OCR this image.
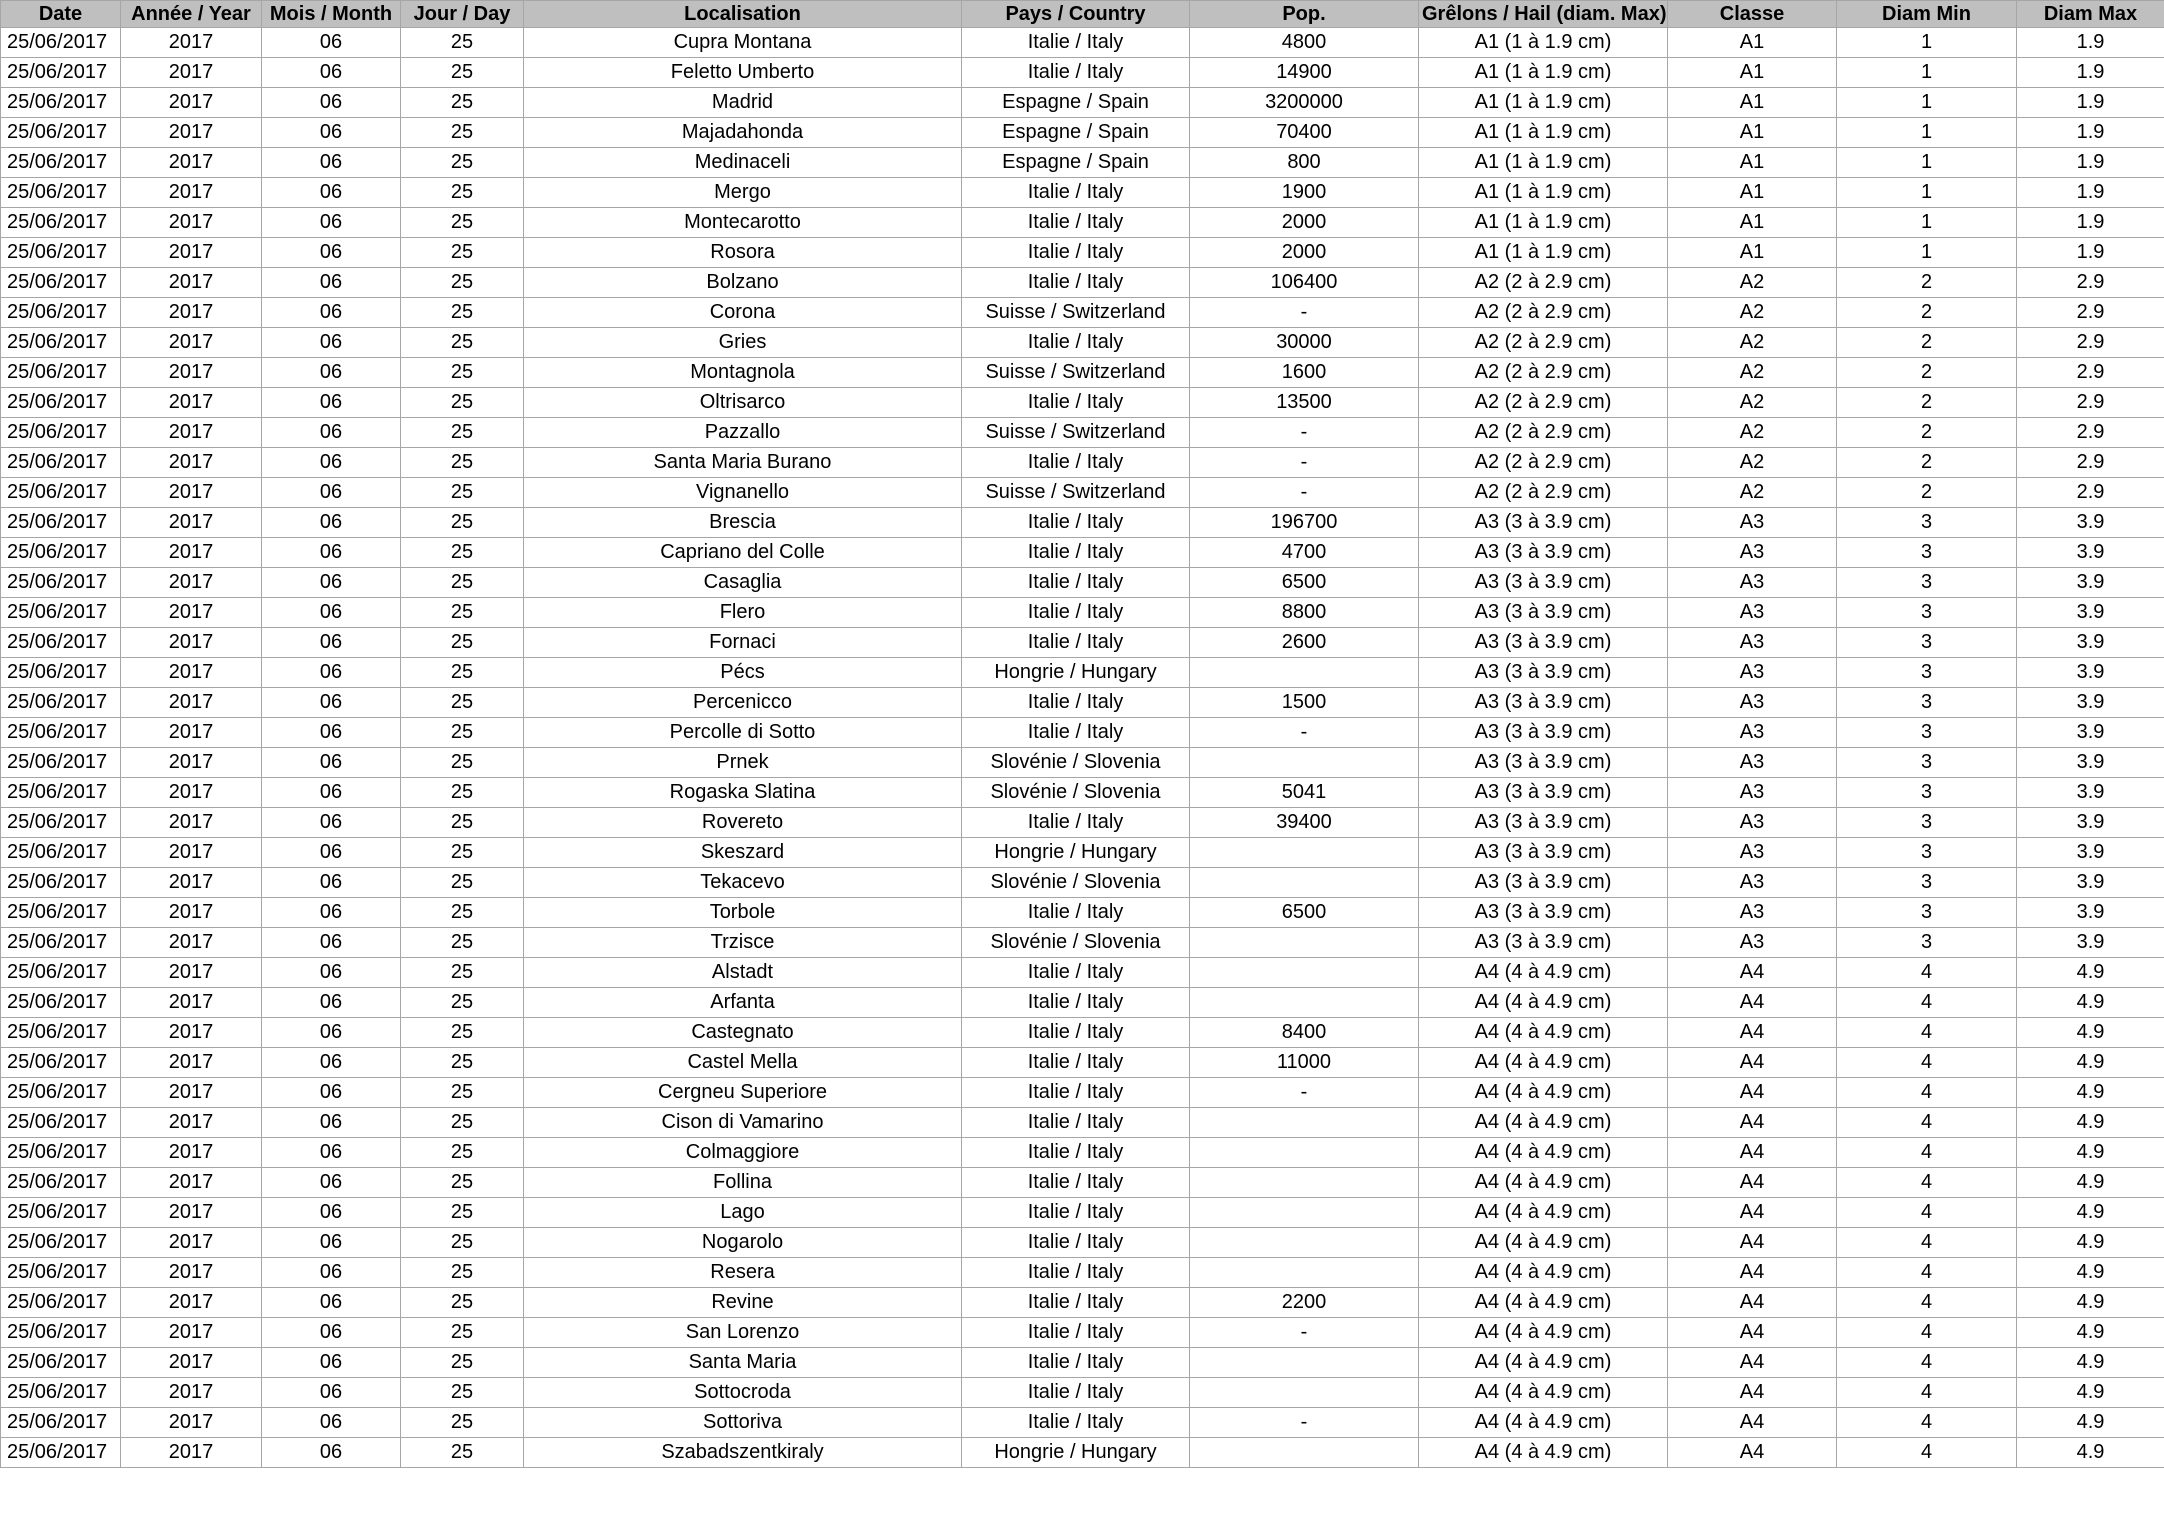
Date	Année / Year	Mois / Month	Jour / Day	Localisation	Pays / Country	Pop.	Grêlons / Hail (diam. Max)	Classe	Diam Min	Diam Max
25/06/2017	2017	06	25	Cupra Montana	Italie / Italy	4800	A1 (1 à 1.9 cm)	A1	1	1.9
25/06/2017	2017	06	25	Feletto Umberto	Italie / Italy	14900	A1 (1 à 1.9 cm)	A1	1	1.9
25/06/2017	2017	06	25	Madrid	Espagne / Spain	3200000	A1 (1 à 1.9 cm)	A1	1	1.9
25/06/2017	2017	06	25	Majadahonda	Espagne / Spain	70400	A1 (1 à 1.9 cm)	A1	1	1.9
25/06/2017	2017	06	25	Medinaceli	Espagne / Spain	800	A1 (1 à 1.9 cm)	A1	1	1.9
25/06/2017	2017	06	25	Mergo	Italie / Italy	1900	A1 (1 à 1.9 cm)	A1	1	1.9
25/06/2017	2017	06	25	Montecarotto	Italie / Italy	2000	A1 (1 à 1.9 cm)	A1	1	1.9
25/06/2017	2017	06	25	Rosora	Italie / Italy	2000	A1 (1 à 1.9 cm)	A1	1	1.9
25/06/2017	2017	06	25	Bolzano	Italie / Italy	106400	A2 (2 à 2.9 cm)	A2	2	2.9
25/06/2017	2017	06	25	Corona	Suisse / Switzerland	-	A2 (2 à 2.9 cm)	A2	2	2.9
25/06/2017	2017	06	25	Gries	Italie / Italy	30000	A2 (2 à 2.9 cm)	A2	2	2.9
25/06/2017	2017	06	25	Montagnola	Suisse / Switzerland	1600	A2 (2 à 2.9 cm)	A2	2	2.9
25/06/2017	2017	06	25	Oltrisarco	Italie / Italy	13500	A2 (2 à 2.9 cm)	A2	2	2.9
25/06/2017	2017	06	25	Pazzallo	Suisse / Switzerland	-	A2 (2 à 2.9 cm)	A2	2	2.9
25/06/2017	2017	06	25	Santa Maria Burano	Italie / Italy	-	A2 (2 à 2.9 cm)	A2	2	2.9
25/06/2017	2017	06	25	Vignanello	Suisse / Switzerland	-	A2 (2 à 2.9 cm)	A2	2	2.9
25/06/2017	2017	06	25	Brescia	Italie / Italy	196700	A3 (3 à 3.9 cm)	A3	3	3.9
25/06/2017	2017	06	25	Capriano del Colle	Italie / Italy	4700	A3 (3 à 3.9 cm)	A3	3	3.9
25/06/2017	2017	06	25	Casaglia	Italie / Italy	6500	A3 (3 à 3.9 cm)	A3	3	3.9
25/06/2017	2017	06	25	Flero	Italie / Italy	8800	A3 (3 à 3.9 cm)	A3	3	3.9
25/06/2017	2017	06	25	Fornaci	Italie / Italy	2600	A3 (3 à 3.9 cm)	A3	3	3.9
25/06/2017	2017	06	25	Pécs	Hongrie / Hungary		A3 (3 à 3.9 cm)	A3	3	3.9
25/06/2017	2017	06	25	Percenicco	Italie / Italy	1500	A3 (3 à 3.9 cm)	A3	3	3.9
25/06/2017	2017	06	25	Percolle di Sotto	Italie / Italy	-	A3 (3 à 3.9 cm)	A3	3	3.9
25/06/2017	2017	06	25	Prnek	Slovénie / Slovenia		A3 (3 à 3.9 cm)	A3	3	3.9
25/06/2017	2017	06	25	Rogaska Slatina	Slovénie / Slovenia	5041	A3 (3 à 3.9 cm)	A3	3	3.9
25/06/2017	2017	06	25	Rovereto	Italie / Italy	39400	A3 (3 à 3.9 cm)	A3	3	3.9
25/06/2017	2017	06	25	Skeszard	Hongrie / Hungary		A3 (3 à 3.9 cm)	A3	3	3.9
25/06/2017	2017	06	25	Tekacevo	Slovénie / Slovenia		A3 (3 à 3.9 cm)	A3	3	3.9
25/06/2017	2017	06	25	Torbole	Italie / Italy	6500	A3 (3 à 3.9 cm)	A3	3	3.9
25/06/2017	2017	06	25	Trzisce	Slovénie / Slovenia		A3 (3 à 3.9 cm)	A3	3	3.9
25/06/2017	2017	06	25	Alstadt	Italie / Italy		A4 (4 à 4.9 cm)	A4	4	4.9
25/06/2017	2017	06	25	Arfanta	Italie / Italy		A4 (4 à 4.9 cm)	A4	4	4.9
25/06/2017	2017	06	25	Castegnato	Italie / Italy	8400	A4 (4 à 4.9 cm)	A4	4	4.9
25/06/2017	2017	06	25	Castel Mella	Italie / Italy	11000	A4 (4 à 4.9 cm)	A4	4	4.9
25/06/2017	2017	06	25	Cergneu Superiore	Italie / Italy	-	A4 (4 à 4.9 cm)	A4	4	4.9
25/06/2017	2017	06	25	Cison di Vamarino	Italie / Italy		A4 (4 à 4.9 cm)	A4	4	4.9
25/06/2017	2017	06	25	Colmaggiore	Italie / Italy		A4 (4 à 4.9 cm)	A4	4	4.9
25/06/2017	2017	06	25	Follina	Italie / Italy		A4 (4 à 4.9 cm)	A4	4	4.9
25/06/2017	2017	06	25	Lago	Italie / Italy		A4 (4 à 4.9 cm)	A4	4	4.9
25/06/2017	2017	06	25	Nogarolo	Italie / Italy		A4 (4 à 4.9 cm)	A4	4	4.9
25/06/2017	2017	06	25	Resera	Italie / Italy		A4 (4 à 4.9 cm)	A4	4	4.9
25/06/2017	2017	06	25	Revine	Italie / Italy	2200	A4 (4 à 4.9 cm)	A4	4	4.9
25/06/2017	2017	06	25	San Lorenzo	Italie / Italy	-	A4 (4 à 4.9 cm)	A4	4	4.9
25/06/2017	2017	06	25	Santa Maria	Italie / Italy		A4 (4 à 4.9 cm)	A4	4	4.9
25/06/2017	2017	06	25	Sottocroda	Italie / Italy		A4 (4 à 4.9 cm)	A4	4	4.9
25/06/2017	2017	06	25	Sottoriva	Italie / Italy	-	A4 (4 à 4.9 cm)	A4	4	4.9
25/06/2017	2017	06	25	Szabadszentkiraly	Hongrie / Hungary		A4 (4 à 4.9 cm)	A4	4	4.9
